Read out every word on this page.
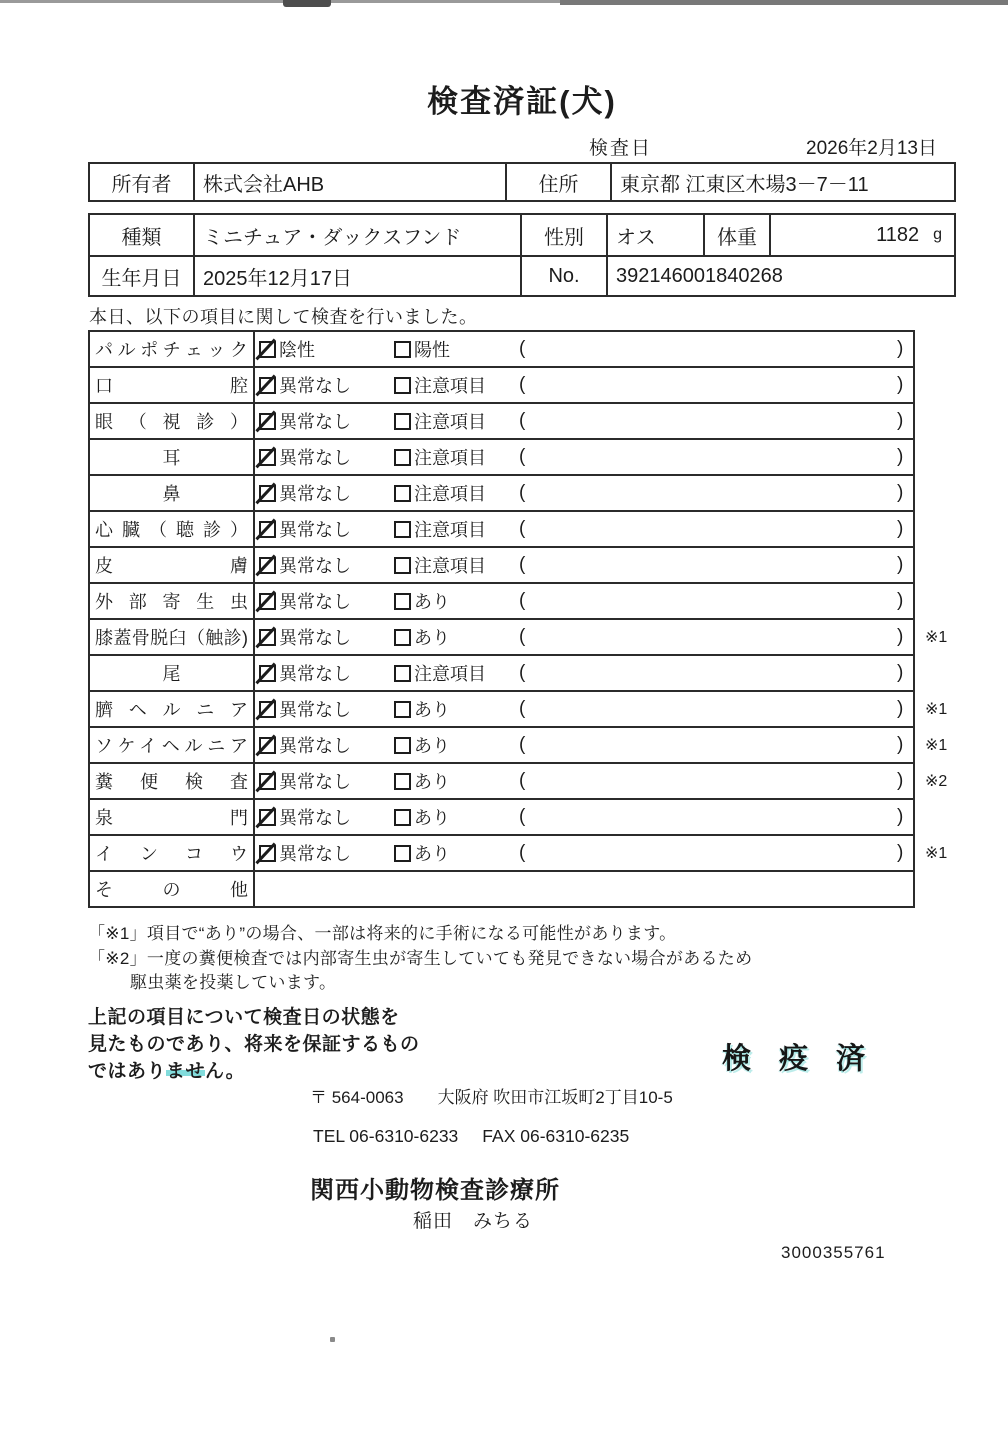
検査済証(犬)
検査日	2026年2月13日
所有者	株式会社AHB	住所	東京都 江東区木場3－7－11
種類	ミニチュア・ダックスフンド	性別	オス	体重	1182 g
生年月日	2025年12月17日	No.	392146001840268
本日、以下の項目に関して検査を行いました。
パルポチェック 陰性	陽性	(	)
口腔 異常なし	注意項目 (	)
眼（視診） 異常なし	注意項目 (	)
耳	異常なし	注意項目 (	)
鼻	異常なし	注意項目 (	)
心臓（聴診） 異常なし	注意項目 (	)
皮膚 異常なし	注意項目 (	)
外部寄生虫 異常なし	あり	(	)
膝蓋骨脱臼（触診) 異常なし	あり	(	) ※1
尾	異常なし	注意項目 (	)
臍ヘルニア 異常なし	あり	(	) ※1
ソケイヘルニア 異常なし	あり	(	) ※1
糞便検査 異常なし	あり	(	) ※2
泉門 異常なし	あり	(	)
インコウ 異常なし	あり	(	) ※1
その他
「※1」項目で“あり”の場合、一部は将来的に手術になる可能性があります。
「※2」一度の糞便検査では内部寄生虫が寄生していても発見できない場合があるため
駆虫薬を投薬しています。
上記の項目について検査日の状態を
見たものであり、将来を保証するもの
ではありません。	検疫済
〒 564-0063 大阪府 吹田市江坂町2丁目10-5
TEL 06-6310-6233 FAX 06-6310-6235
関西小動物検査診療所
稲田　みちる
3000355761
